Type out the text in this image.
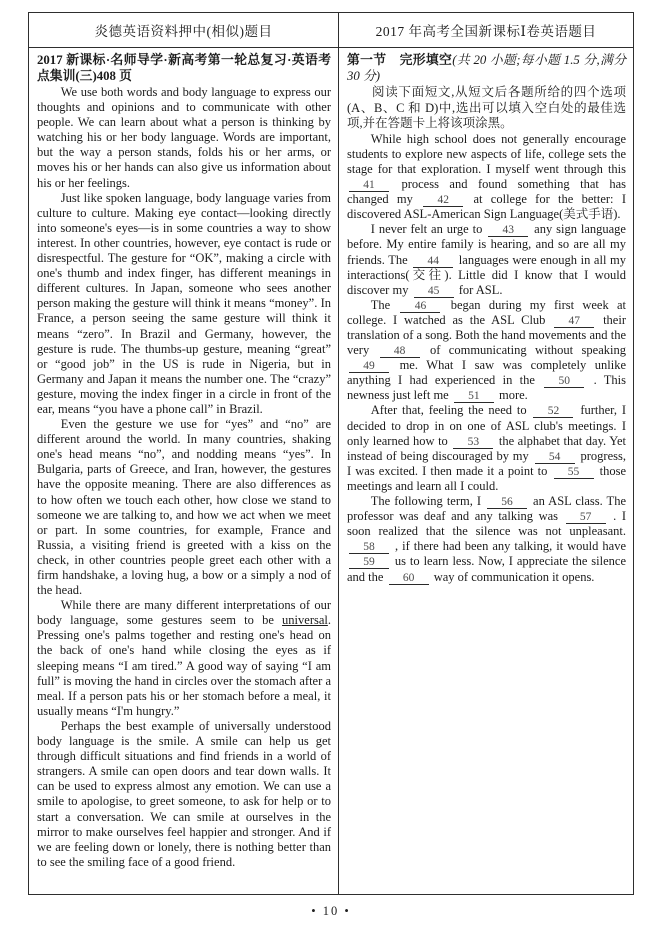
炎德英语资料押中(相似)题目	2017 年高考全国新课标Ⅰ卷英语题目

2017 新课标·名师导学·新高考第一轮总复习·英语考点集训(三)408 页

We use both words and body language to express our thoughts and opinions and to communicate with other people. We can learn about what a person is thinking by watching his or her body language. Words are important, but the way a person stands, folds his or her arms, or moves his or her hands can also give us information about his or her feelings.

Just like spoken language, body language varies from culture to culture. Making eye contact—looking directly into someone's eyes—is in some countries a way to show interest. In other countries, however, eye contact is rude or disrespectful. The gesture for “OK”, making a circle with one's thumb and index finger, has different meanings in different cultures. In Japan, someone who sees another person making the gesture will think it means “money”. In France, a person seeing the same gesture will think it means “zero”. In Brazil and Germany, however, the gesture is rude. The thumbs-up gesture, meaning “great” or “good job” in the US is rude in Nigeria, but in Germany and Japan it means the number one. The “crazy” gesture, moving the index finger in a circle in front of the ear, means “you have a phone call” in Brazil.

Even the gesture we use for “yes” and “no” are different around the world. In many countries, shaking one's head means “no”, and nodding means “yes”. In Bulgaria, parts of Greece, and Iran, however, the gestures have the opposite meaning. There are also differences as to how often we touch each other, how close we stand to someone we are talking to, and how we act when we meet or part. In some countries, for example, France and Russia, a visiting friend is greeted with a kiss on the check, in other countries people greet each other with a firm handshake, a loving hug, a bow or a simply a nod of the head.

While there are many different interpretations of our body language, some gestures seem to be universal. Pressing one's palms together and resting one's head on the back of one's hand while closing the eyes as if sleeping means “I am tired.” A good way of saying “I am full” is moving the hand in circles over the stomach after a meal. If a person pats his or her stomach before a meal, it usually means “I'm hungry.”

Perhaps the best example of universally understood body language is the smile. A smile can help us get through difficult situations and find friends in a world of strangers. A smile can open doors and tear down walls. It can be used to express almost any emotion. We can use a smile to apologise, to greet someone, to ask for help or to start a conversation. We can smile at ourselves in the mirror to make ourselves feel happier and stronger. And if we are feeling down or lonely, there is nothing better than to see the smiling face of a good friend.

第一节　完形填空(共 20 小题;每小题 1.5 分,满分 30 分)

阅读下面短文,从短文后各题所给的四个选项(A、B、C 和 D)中,选出可以填入空白处的最佳选项,并在答题卡上将该项涂黑。

While high school does not generally encourage students to explore new aspects of life, college sets the stage for that exploration. I myself went through this 41 process and found something that has changed my 42 at college for the better: I discovered ASL-American Sign Language(美式手语).

I never felt an urge to 43 any sign language before. My entire family is hearing, and so are all my friends. The 44 languages were enough in all my interactions(交往). Little did I know that I would discover my 45 for ASL.

The 46 began during my first week at college. I watched as the ASL Club 47 their translation of a song. Both the hand movements and the very 48 of communicating without speaking 49 me. What I saw was completely unlike anything I had experienced in the 50 . This newness just left me 51 more.

After that, feeling the need to 52 further, I decided to drop in on one of ASL club's meetings. I only learned how to 53 the alphabet that day. Yet instead of being discouraged by my 54 progress, I was excited. I then made it a point to 55 those meetings and learn all I could.

The following term, I 56 an ASL class. The professor was deaf and any talking was 57 . I soon realized that the silence was not unpleasant. 58 , if there had been any talking, it would have 59 us to learn less. Now, I appreciate the silence and the 60 way of communication it opens.

• 10 •
